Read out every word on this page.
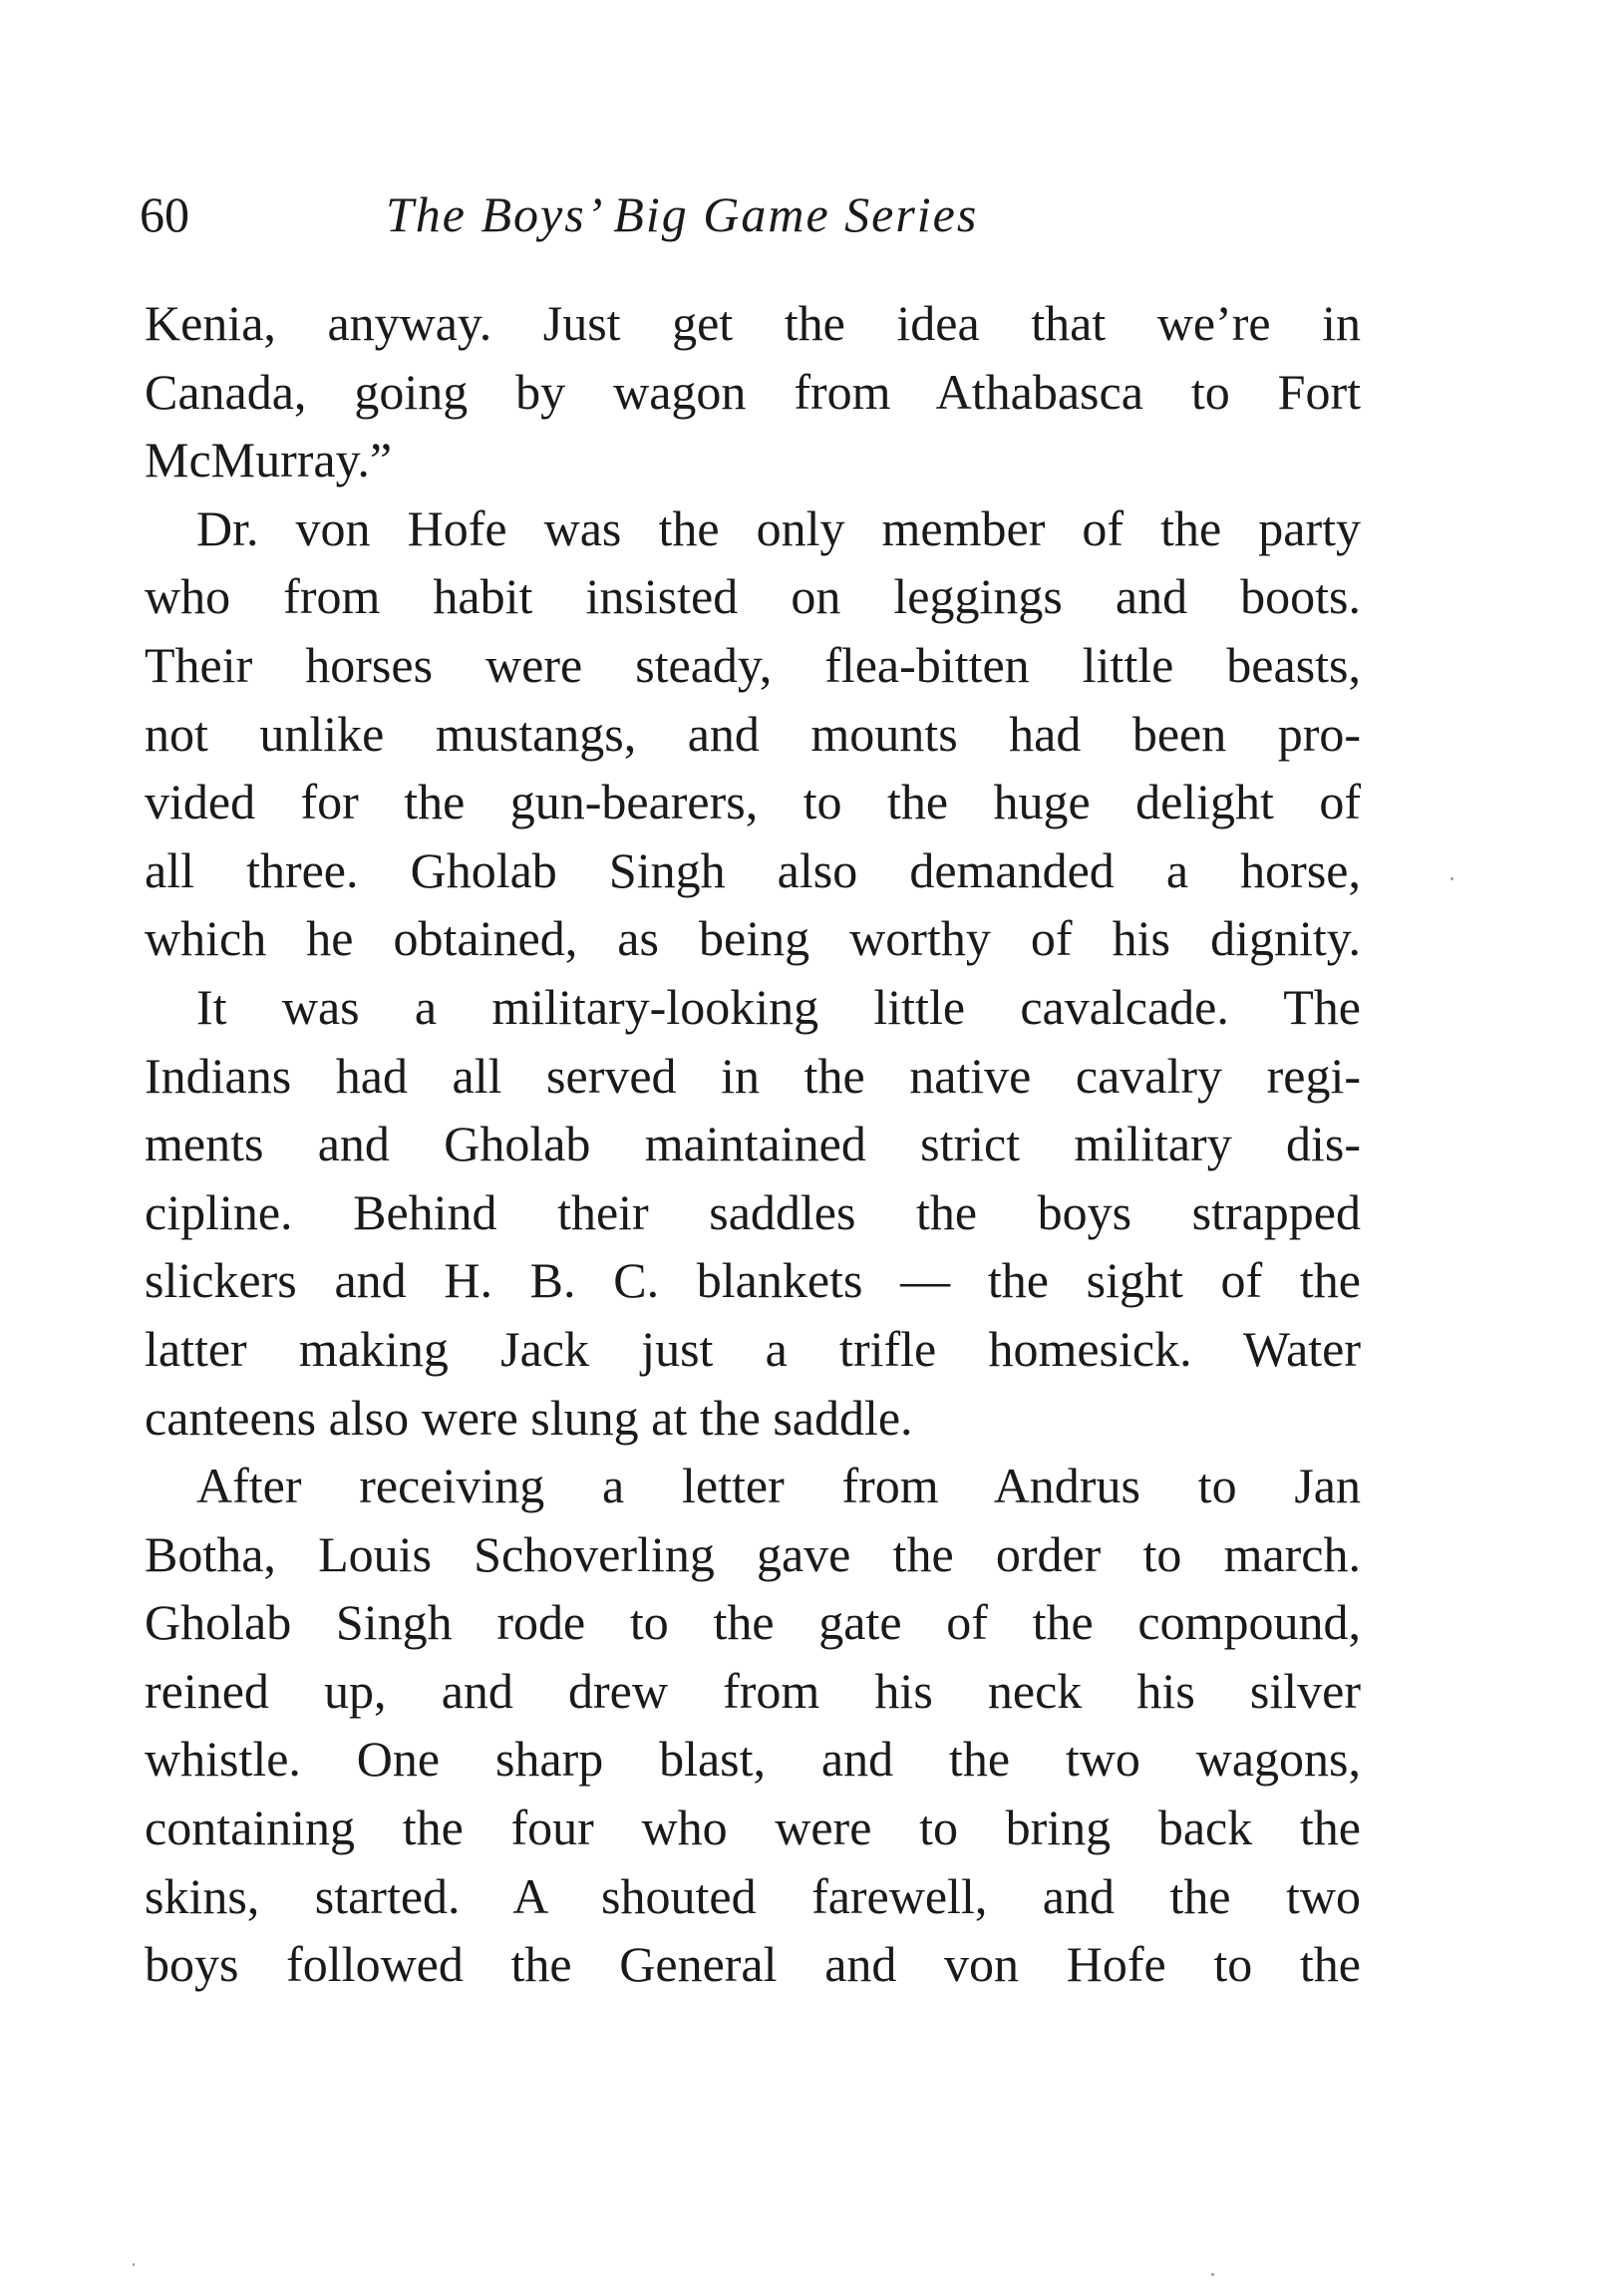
60	The Boys’ Big Game Series
Kenia, anyway. Just get the idea that we’re in
Canada, going by wagon from Athabasca to Fort
McMurray.”
Dr. von Hofe was the only member of the party
who from habit insisted on leggings and boots.
Their horses were steady, flea-bitten little beasts,
not unlike mustangs, and mounts had been pro-
vided for the gun-bearers, to the huge delight of
all three. Gholab Singh also demanded a horse,
which he obtained, as being worthy of his dignity.
It was a military-looking little cavalcade. The
Indians had all served in the native cavalry regi-
ments and Gholab maintained strict military dis-
cipline. Behind their saddles the boys strapped
slickers and H. B. C. blankets — the sight of the
latter making Jack just a trifle homesick. Water
canteens also were slung at the saddle.
After receiving a letter from Andrus to Jan
Botha, Louis Schoverling gave the order to march.
Gholab Singh rode to the gate of the compound,
reined up, and drew from his neck his silver
whistle. One sharp blast, and the two wagons,
containing the four who were to bring back the
skins, started. A shouted farewell, and the two
boys followed the General and von Hofe to the
